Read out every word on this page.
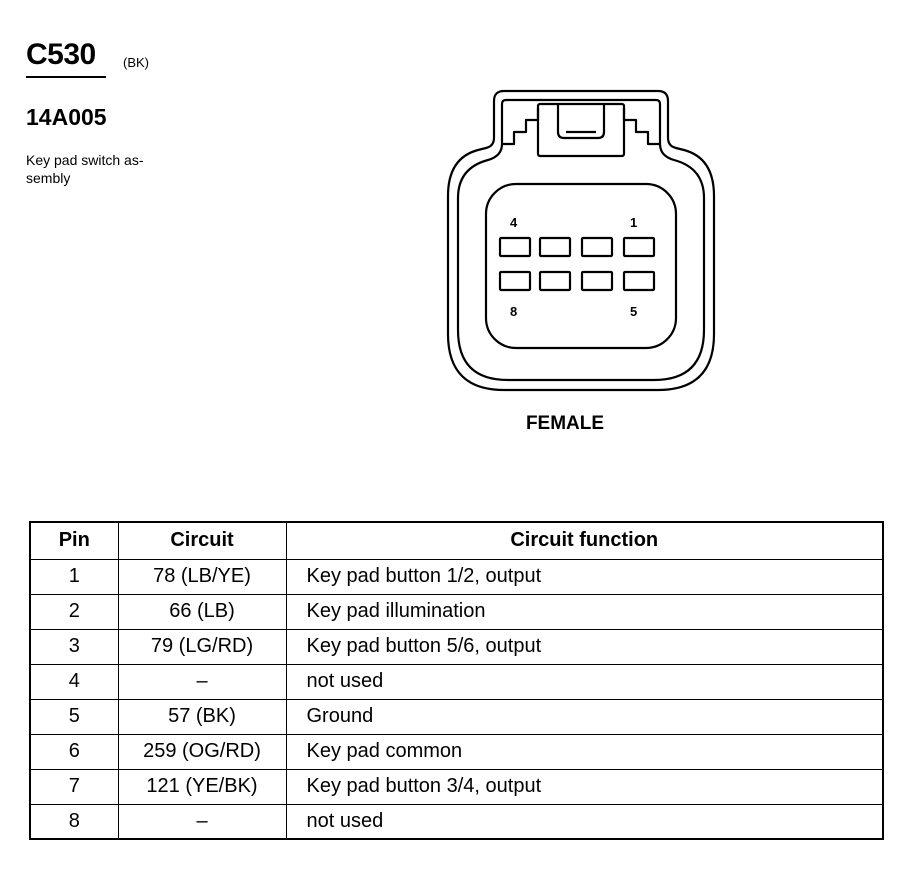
C530 (BK)
14A005
Key pad switch as-
sembly
4	1
8	5
FEMALE
Pin	Circuit	Circuit function
1	78 (LB/YE)	Key pad button 1/2, output
2	66 (LB)	Key pad illumination
3	79 (LG/RD)	Key pad button 5/6, output
4	–	not used
5	57 (BK)	Ground
6	259 (OG/RD)	Key pad common
7	121 (YE/BK)	Key pad button 3/4, output
8	–	not used
